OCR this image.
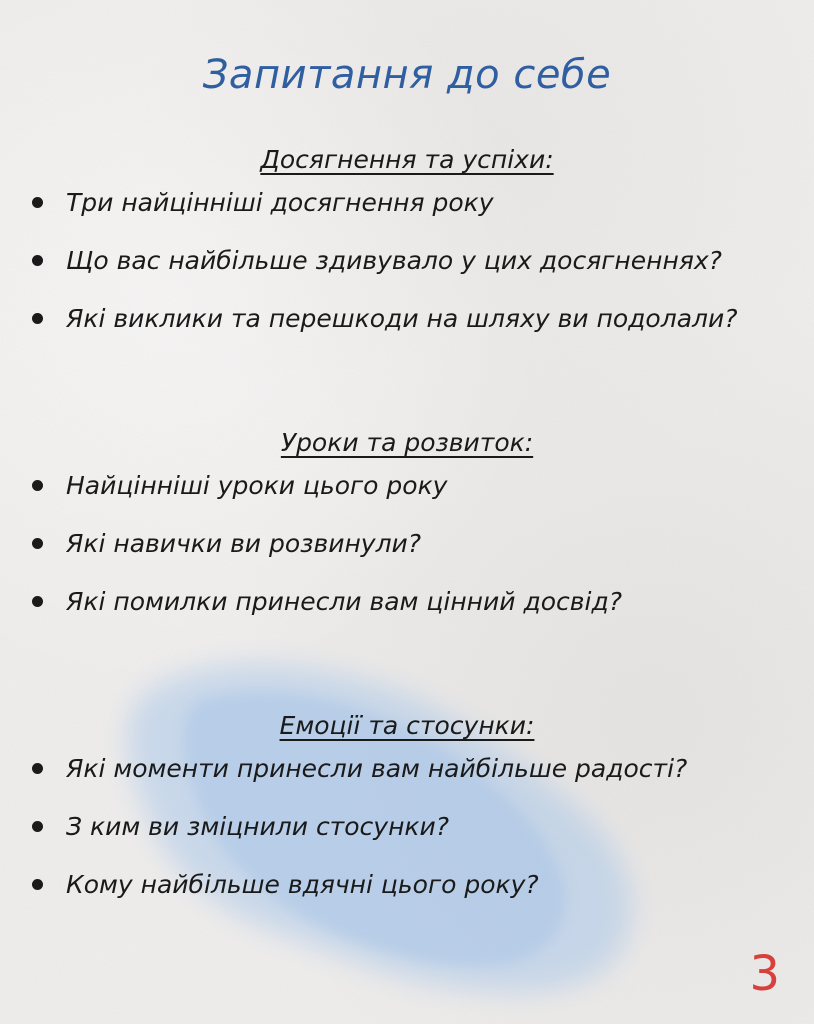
Запитання до себе
Досягнення та успіхи:
Три найцінніші досягнення року
Що вас найбільше здивувало у цих досягненнях?
Які виклики та перешкоди на шляху ви подолали?
Уроки та розвиток:
Найцінніші уроки цього року
Які навички ви розвинули?
Які помилки принесли вам цінний досвід?
Емоції та стосунки:
Які моменти принесли вам найбільше радості?
З ким ви зміцнили стосунки?
Кому найбільше вдячні цього року?
3
